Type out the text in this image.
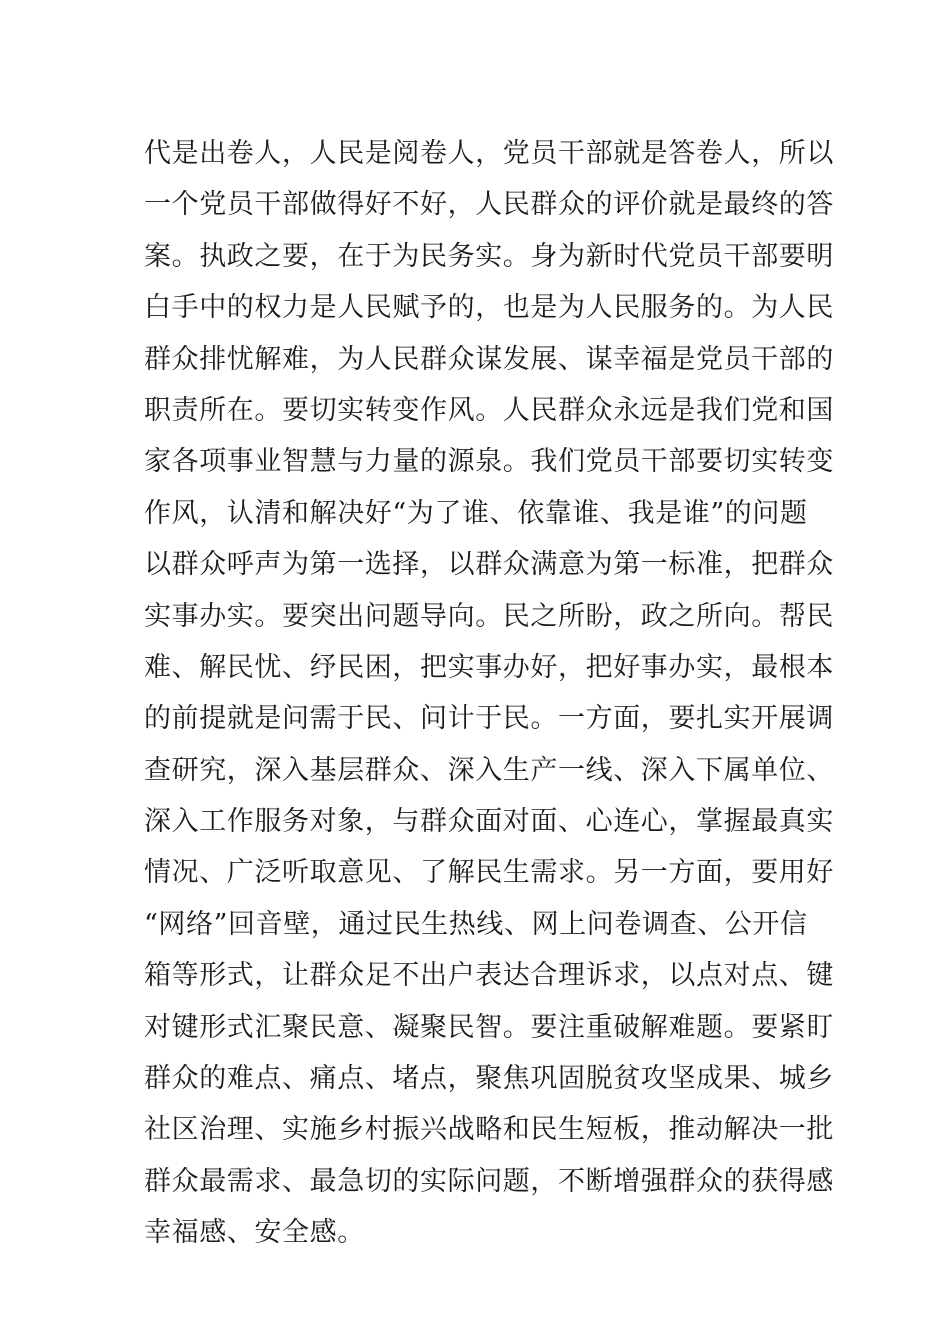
代是出卷人，人民是阅卷人，党员干部就是答卷人，所以
一个党员干部做得好不好，人民群众的评价就是最终的答
案。执政之要，在于为民务实。身为新时代党员干部要明
白手中的权力是人民赋予的，也是为人民服务的。为人民
群众排忧解难，为人民群众谋发展、谋幸福是党员干部的
职责所在。要切实转变作风。人民群众永远是我们党和国
家各项事业智慧与力量的源泉。我们党员干部要切实转变
作风，认清和解决好“为了谁、依靠谁、我是谁”的问题
以群众呼声为第一选择，以群众满意为第一标准，把群众
实事办实。要突出问题导向。民之所盼，政之所向。帮民
难、解民忧、纾民困，把实事办好，把好事办实，最根本
的前提就是问需于民、问计于民。一方面，要扎实开展调
查研究，深入基层群众、深入生产一线、深入下属单位、
深入工作服务对象，与群众面对面、心连心，掌握最真实
情况、广泛听取意见、了解民生需求。另一方面，要用好
“网络”回音壁，通过民生热线、网上问卷调查、公开信
箱等形式，让群众足不出户表达合理诉求，以点对点、键
对键形式汇聚民意、凝聚民智。要注重破解难题。要紧盯
群众的难点、痛点、堵点，聚焦巩固脱贫攻坚成果、城乡
社区治理、实施乡村振兴战略和民生短板，推动解决一批
群众最需求、最急切的实际问题，不断增强群众的获得感
幸福感、安全感。
